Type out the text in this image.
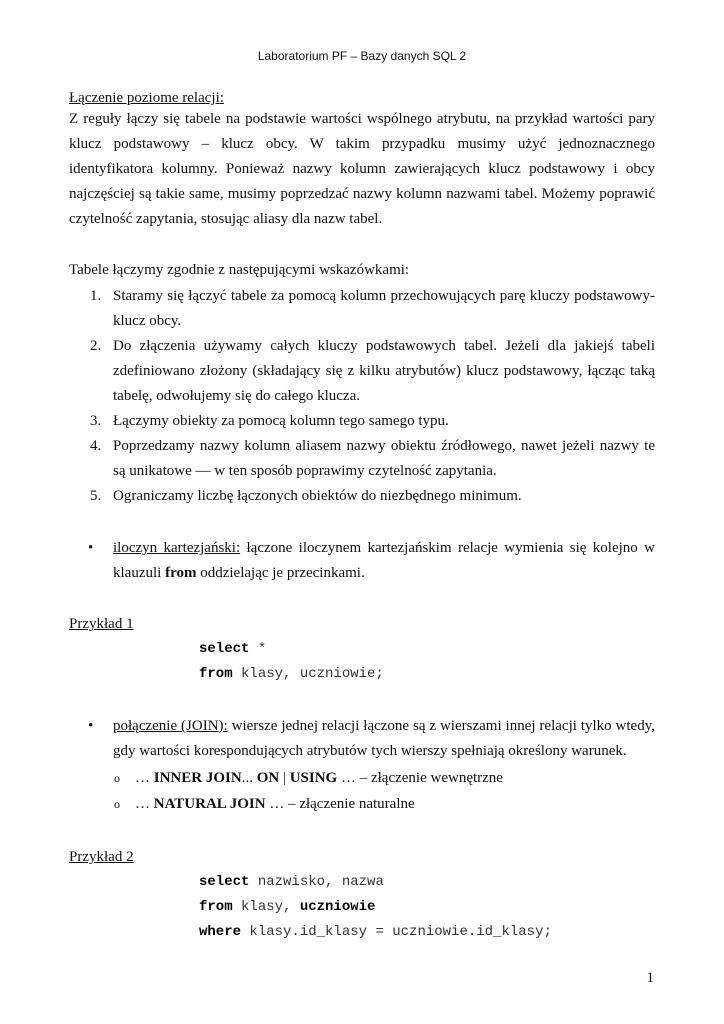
Laboratorium PF – Bazy danych SQL 2
Łączenie poziome relacji:
Z reguły łączy się tabele na podstawie wartości wspólnego atrybutu, na przykład wartości pary klucz podstawowy – klucz obcy. W takim przypadku musimy użyć jednoznacznego identyfikatora kolumny. Ponieważ nazwy kolumn zawierających klucz podstawowy i obcy najczęściej są takie same, musimy poprzedzać nazwy kolumn nazwami tabel. Możemy poprawić czytelność zapytania, stosując aliasy dla nazw tabel.
Tabele łączymy zgodnie z następującymi wskazówkami:
1. Staramy się łączyć tabele za pomocą kolumn przechowujących parę kluczy podstawowy-klucz obcy.
2. Do złączenia używamy całych kluczy podstawowych tabel. Jeżeli dla jakiejś tabeli zdefiniowano złożony (składający się z kilku atrybutów) klucz podstawowy, łącząc taką tabelę, odwołujemy się do całego klucza.
3. Łączymy obiekty za pomocą kolumn tego samego typu.
4. Poprzedzamy nazwy kolumn aliasem nazwy obiektu źródłowego, nawet jeżeli nazwy te są unikatowe — w ten sposób poprawimy czytelność zapytania.
5. Ograniczamy liczbę łączonych obiektów do niezbędnego minimum.
• iloczyn kartezjański: łączone iloczynem kartezjańskim relacje wymienia się kolejno w klauzuli from oddzielając je przecinkami.
Przykład 1
select *
from klasy, uczniowie;
• połączenie (JOIN): wiersze jednej relacji łączone są z wierszami innej relacji tylko wtedy, gdy wartości korespondujących atrybutów tych wierszy spełniają określony warunek.
o … INNER JOIN... ON | USING … – złączenie wewnętrzne
o … NATURAL JOIN … – złączenie naturalne
Przykład 2
select nazwisko, nazwa
from klasy, uczniowie
where klasy.id_klasy = uczniowie.id_klasy;
1
